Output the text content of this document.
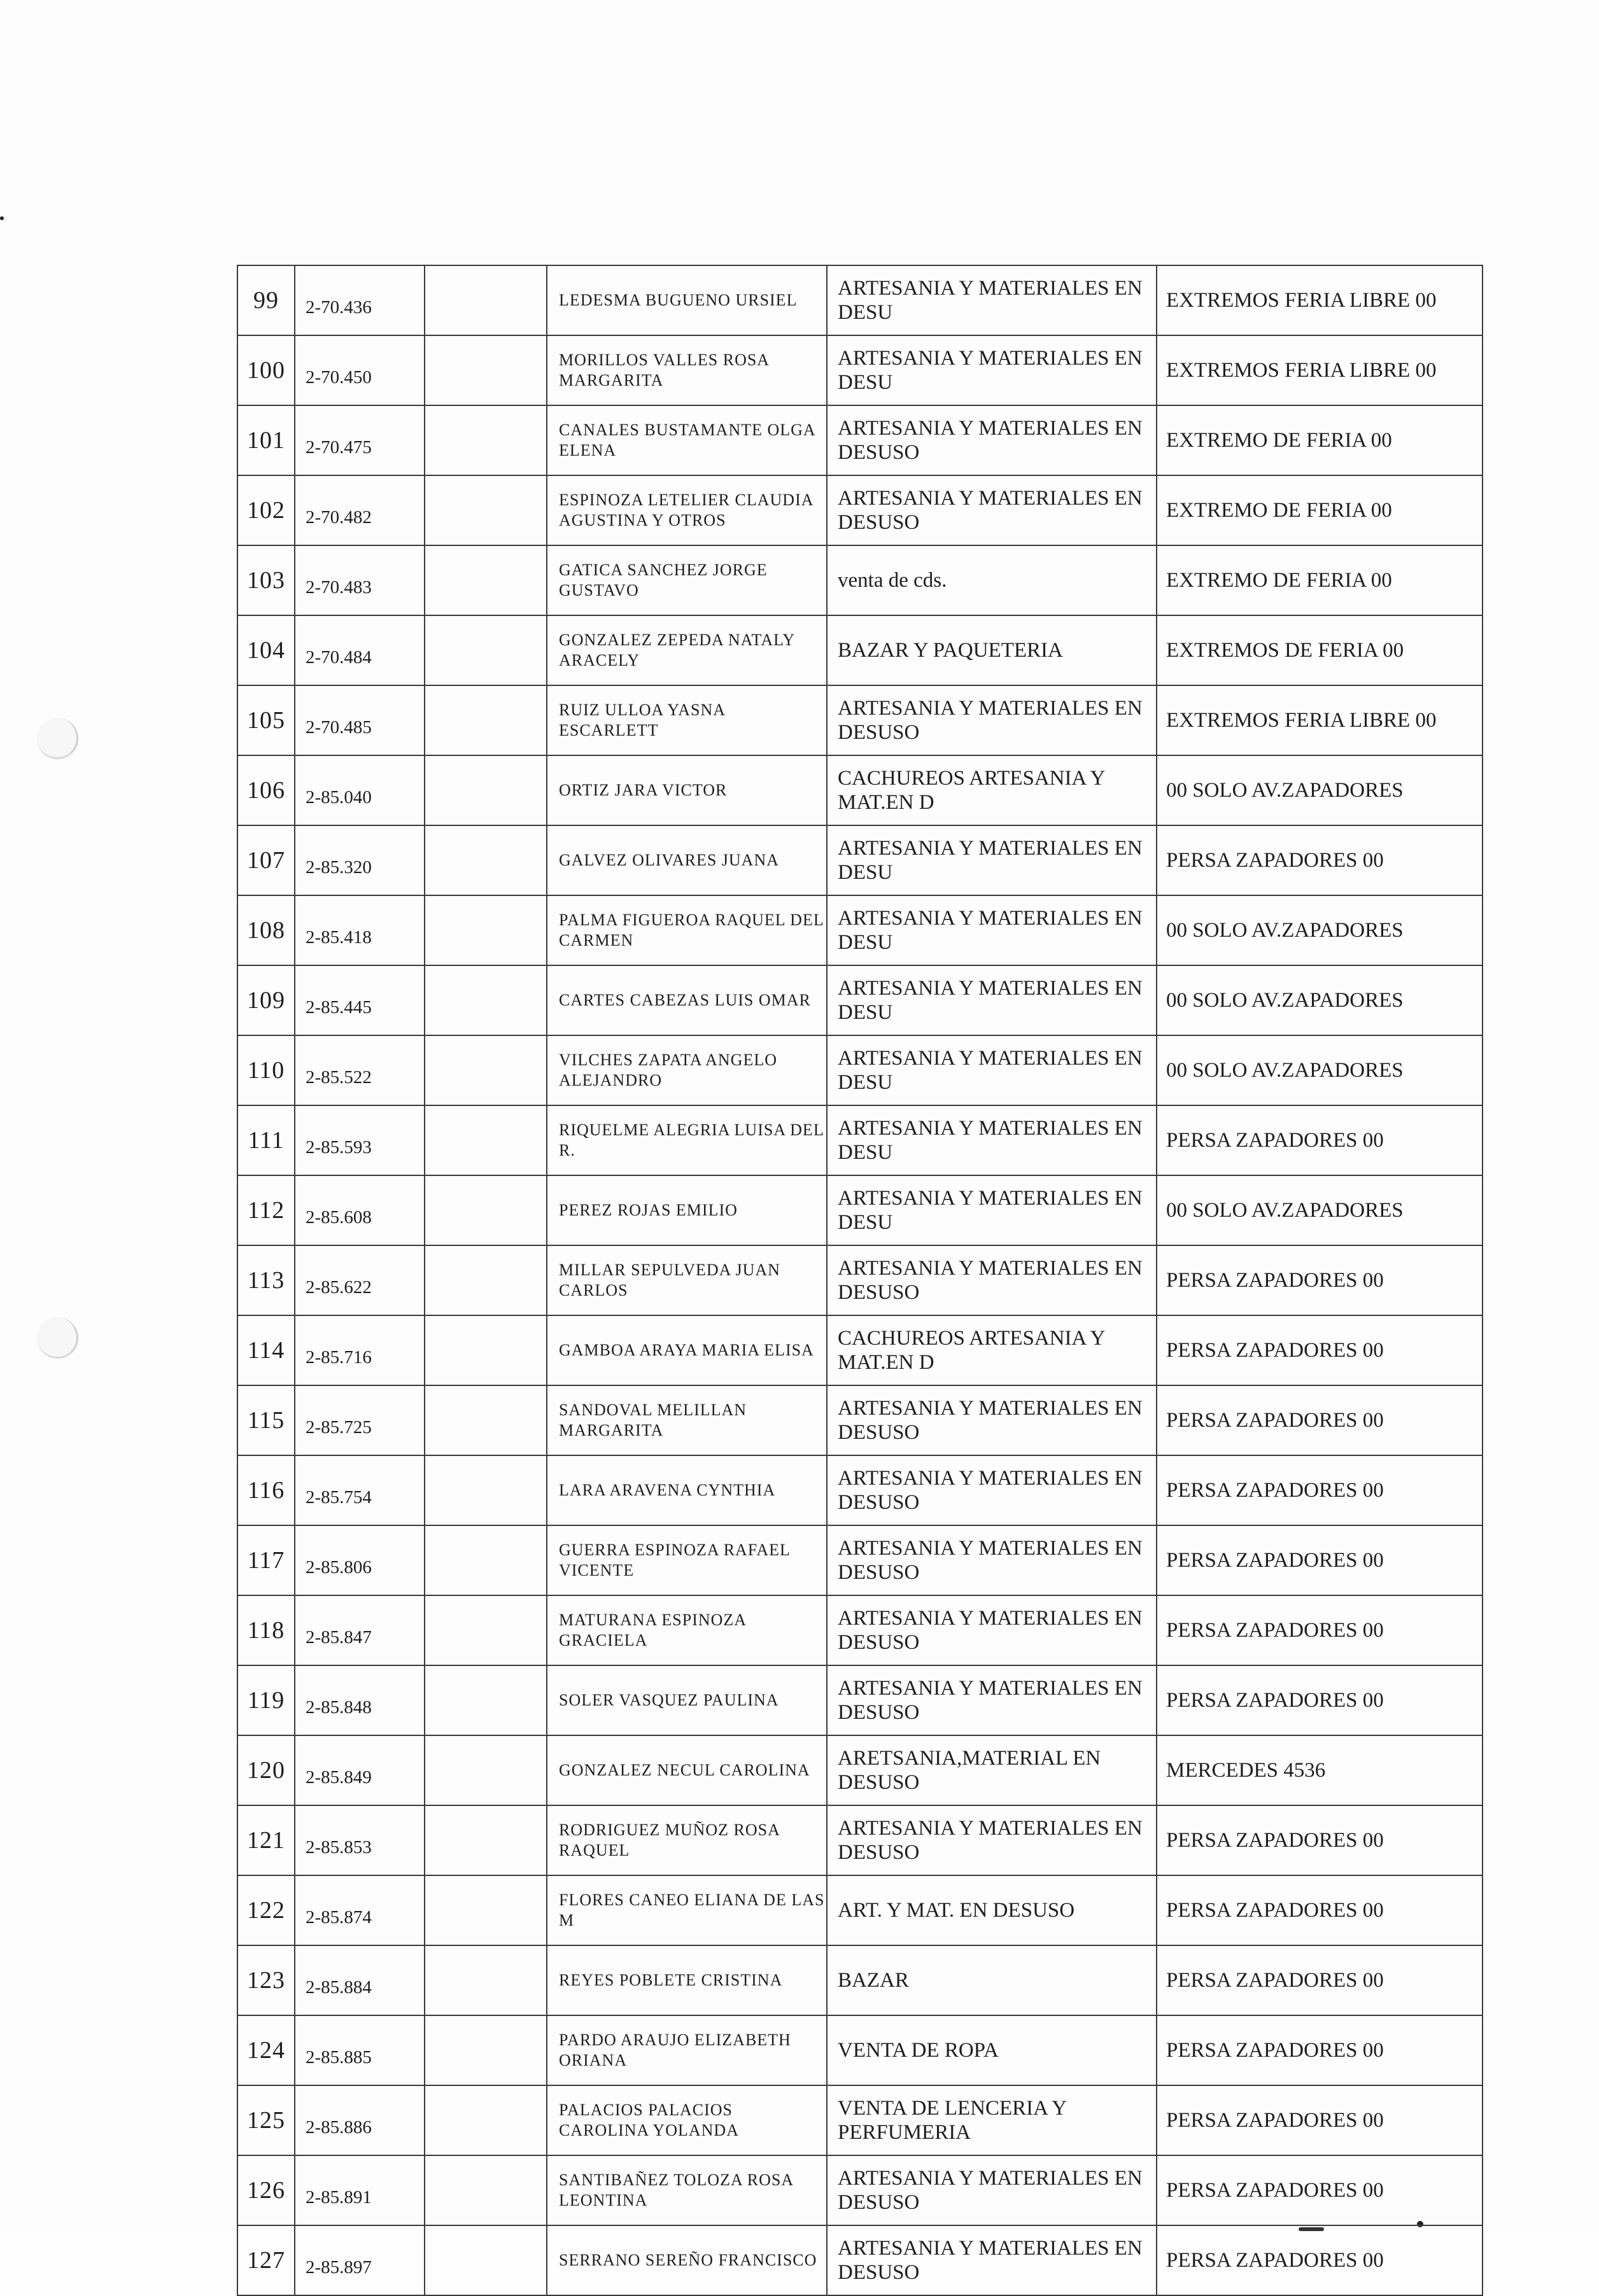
99	2-70.436		LEDESMA BUGUENO URSIEL	ARTESANIA Y MATERIALES EN DESU	EXTREMOS FERIA LIBRE 00

100	2-70.450		MORILLOS VALLES ROSA MARGARITA	ARTESANIA Y MATERIALES EN DESU	EXTREMOS FERIA LIBRE 00

101	2-70.475		CANALES BUSTAMANTE OLGA ELENA	ARTESANIA Y MATERIALES EN DESUSO	EXTREMO DE FERIA 00

102	2-70.482		ESPINOZA LETELIER CLAUDIA AGUSTINA Y OTROS	ARTESANIA Y MATERIALES EN DESUSO	EXTREMO DE FERIA 00

103	2-70.483		GATICA SANCHEZ JORGE GUSTAVO	venta de cds.	EXTREMO DE FERIA 00

104	2-70.484		GONZALEZ ZEPEDA NATALY ARACELY	BAZAR Y PAQUETERIA	EXTREMOS DE FERIA 00

105	2-70.485		RUIZ ULLOA YASNA ESCARLETT	ARTESANIA Y MATERIALES EN DESUSO	EXTREMOS FERIA LIBRE 00

106	2-85.040		ORTIZ JARA VICTOR	CACHUREOS ARTESANIA Y MAT.EN D	00 SOLO AV.ZAPADORES

107	2-85.320		GALVEZ OLIVARES JUANA	ARTESANIA Y MATERIALES EN DESU	PERSA ZAPADORES 00

108	2-85.418		PALMA FIGUEROA RAQUEL DEL CARMEN	ARTESANIA Y MATERIALES EN DESU	00 SOLO AV.ZAPADORES

109	2-85.445		CARTES CABEZAS LUIS OMAR	ARTESANIA Y MATERIALES EN DESU	00 SOLO AV.ZAPADORES

110	2-85.522		VILCHES ZAPATA ANGELO ALEJANDRO	ARTESANIA Y MATERIALES EN DESU	00 SOLO AV.ZAPADORES

111	2-85.593		RIQUELME ALEGRIA LUISA DEL R.	ARTESANIA Y MATERIALES EN DESU	PERSA ZAPADORES 00

112	2-85.608		PEREZ ROJAS EMILIO	ARTESANIA Y MATERIALES EN DESU	00 SOLO AV.ZAPADORES

113	2-85.622		MILLAR SEPULVEDA JUAN CARLOS	ARTESANIA Y MATERIALES EN DESUSO	PERSA ZAPADORES 00

114	2-85.716		GAMBOA ARAYA MARIA ELISA	CACHUREOS ARTESANIA Y MAT.EN D	PERSA ZAPADORES 00

115	2-85.725		SANDOVAL MELILLAN MARGARITA	ARTESANIA Y MATERIALES EN DESUSO	PERSA ZAPADORES 00

116	2-85.754		LARA ARAVENA CYNTHIA	ARTESANIA Y MATERIALES EN DESUSO	PERSA ZAPADORES 00

117	2-85.806		GUERRA ESPINOZA RAFAEL VICENTE	ARTESANIA Y MATERIALES EN DESUSO	PERSA ZAPADORES 00

118	2-85.847		MATURANA ESPINOZA GRACIELA	ARTESANIA Y MATERIALES EN DESUSO	PERSA ZAPADORES 00

119	2-85.848		SOLER VASQUEZ PAULINA	ARTESANIA Y MATERIALES EN DESUSO	PERSA ZAPADORES 00

120	2-85.849		GONZALEZ NECUL CAROLINA	ARETSANIA,MATERIAL EN DESUSO	MERCEDES 4536

121	2-85.853		RODRIGUEZ MUÑOZ ROSA RAQUEL	ARTESANIA Y MATERIALES EN DESUSO	PERSA ZAPADORES 00

122	2-85.874		FLORES CANEO ELIANA DE LAS M	ART. Y MAT. EN DESUSO	PERSA ZAPADORES 00

123	2-85.884		REYES POBLETE CRISTINA	BAZAR	PERSA ZAPADORES 00

124	2-85.885		PARDO ARAUJO ELIZABETH ORIANA	VENTA DE ROPA	PERSA ZAPADORES 00

125	2-85.886		PALACIOS PALACIOS CAROLINA YOLANDA	VENTA DE LENCERIA Y PERFUMERIA	PERSA ZAPADORES 00

126	2-85.891		SANTIBAÑEZ TOLOZA ROSA LEONTINA	ARTESANIA Y MATERIALES EN DESUSO	PERSA ZAPADORES 00

127	2-85.897		SERRANO SEREÑO FRANCISCO	ARTESANIA Y MATERIALES EN DESUSO	PERSA ZAPADORES 00
